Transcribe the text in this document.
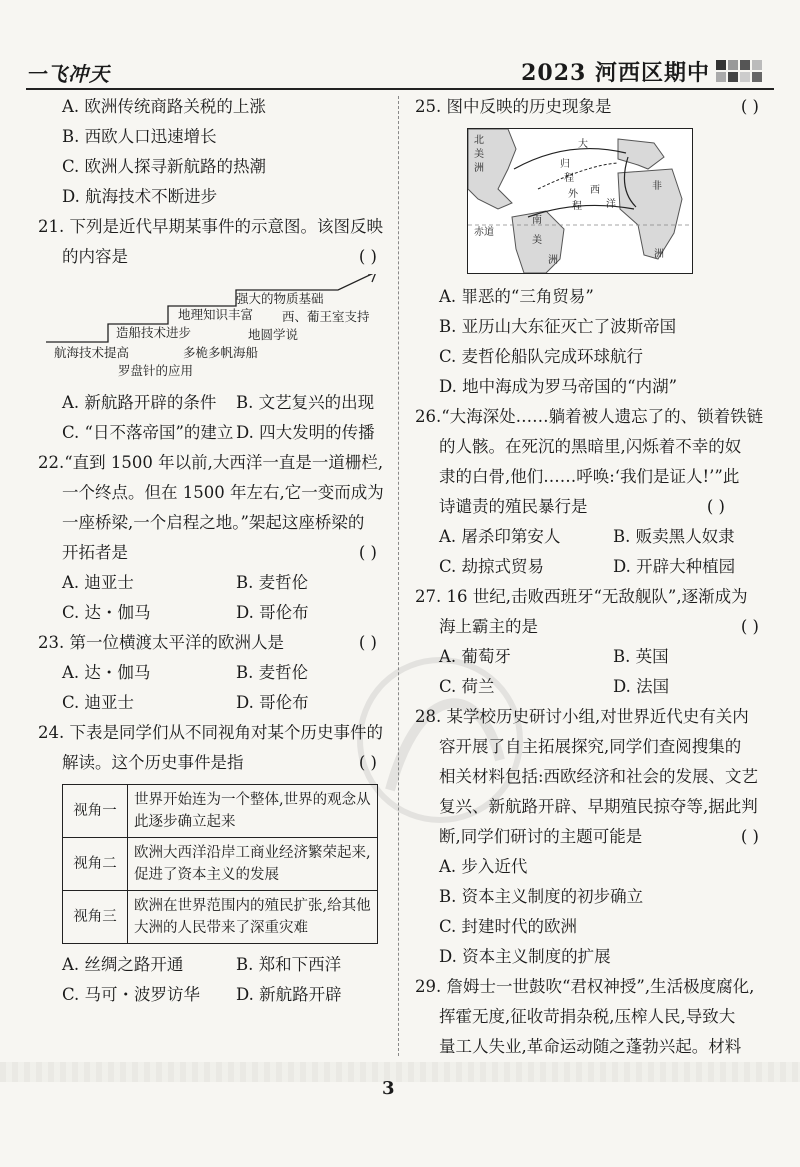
一飞冲天	2023 河西区期中
A. 欧洲传统商路关税的上涨
B. 西欧人口迅速增长
C. 欧洲人探寻新航路的热潮
D. 航海技术不断进步
21. 下列是近代早期某事件的示意图。该图反映
的内容是	( )
航海技术提高
造船技术进步
地理知识丰富
强大的物质基础
罗盘针的应用
多桅多帆海船
地圆学说
西、葡王室支持
A. 新航路开辟的条件	B. 文艺复兴的出现
C. “日不落帝国”的建立 D. 四大发明的传播
22.“直到 1500 年以前,大西洋一直是一道栅栏,
一个终点。但在 1500 年左右,它一变而成为
一座桥梁,一个启程之地。”架起这座桥梁的
开拓者是	( )
A. 迪亚士	B. 麦哲伦
C. 达・伽马	D. 哥伦布
23. 第一位横渡太平洋的欧洲人是	( )
A. 达・伽马	B. 麦哲伦
C. 迪亚士	D. 哥伦布
24. 下表是同学们从不同视角对某个历史事件的
解读。这个历史事件是指	( )
视角一	世界开始连为一个整体,世界的观念从此逐步确立起来
视角二	欧洲大西洋沿岸工商业经济繁荣起来,促进了资本主义的发展
视角三	欧洲在世界范围内的殖民扩张,给其他大洲的人民带来了深重灾难
A. 丝绸之路开通	B. 郑和下西洋
C. 马可・波罗访华	D. 新航路开辟
25. 图中反映的历史现象是	( )
北
美
洲
大
归
程
西
外
程 洋
非
南
美
洲
赤道
洲
A. 罪恶的“三角贸易”
B. 亚历山大东征灭亡了波斯帝国
C. 麦哲伦船队完成环球航行
D. 地中海成为罗马帝国的“内湖”
26.“大海深处……躺着被人遗忘了的、锁着铁链
的人骸。在死沉的黑暗里,闪烁着不幸的奴
隶的白骨,他们……呼唤:‘我们是证人!’”此
诗谴责的殖民暴行是	( )
A. 屠杀印第安人	B. 贩卖黑人奴隶
C. 劫掠式贸易	D. 开辟大种植园
27. 16 世纪,击败西班牙“无敌舰队”,逐渐成为
海上霸主的是	( )
A. 葡萄牙	B. 英国
C. 荷兰	D. 法国
28. 某学校历史研讨小组,对世界近代史有关内
容开展了自主拓展探究,同学们查阅搜集的
相关材料包括:西欧经济和社会的发展、文艺
复兴、新航路开辟、早期殖民掠夺等,据此判
断,同学们研讨的主题可能是	( )
A. 步入近代
B. 资本主义制度的初步确立
C. 封建时代的欧洲
D. 资本主义制度的扩展
29. 詹姆士一世鼓吹“君权神授”,生活极度腐化,
挥霍无度,征收苛捐杂税,压榨人民,导致大
量工人失业,革命运动随之蓬勃兴起。材料
3
